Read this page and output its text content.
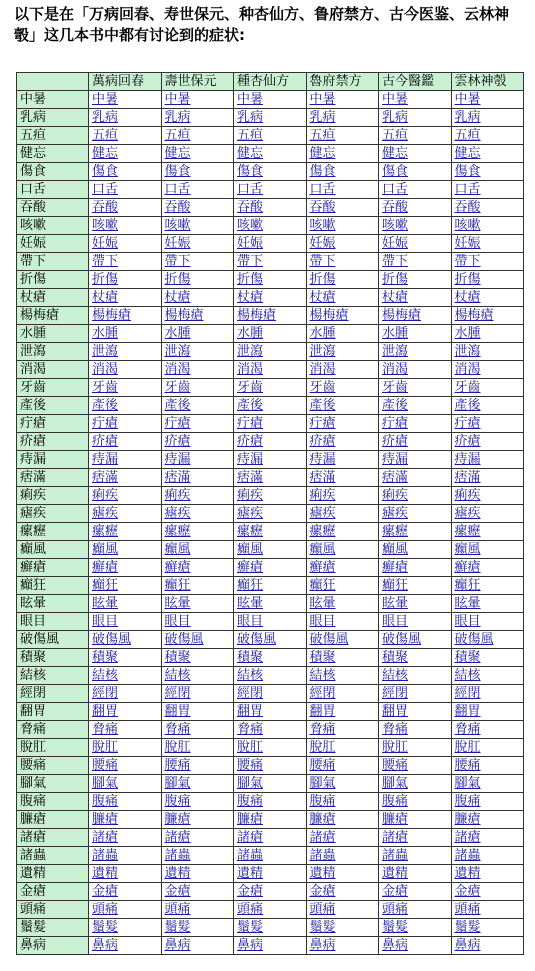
以下是在「万病回春、寿世保元、种杏仙方、鲁府禁方、古今医鉴、云林神彀」这几本书中都有讨论到的症状:
	萬病回春	壽世保元	種杏仙方	魯府禁方	古今醫鑑	雲林神彀
中暑	中暑	中暑	中暑	中暑	中暑	中暑
乳病	乳病	乳病	乳病	乳病	乳病	乳病
五疸	五疸	五疸	五疸	五疸	五疸	五疸
健忘	健忘	健忘	健忘	健忘	健忘	健忘
傷食	傷食	傷食	傷食	傷食	傷食	傷食
口舌	口舌	口舌	口舌	口舌	口舌	口舌
吞酸	吞酸	吞酸	吞酸	吞酸	吞酸	吞酸
咳嗽	咳嗽	咳嗽	咳嗽	咳嗽	咳嗽	咳嗽
妊娠	妊娠	妊娠	妊娠	妊娠	妊娠	妊娠
帶下	帶下	帶下	帶下	帶下	帶下	帶下
折傷	折傷	折傷	折傷	折傷	折傷	折傷
杖瘡	杖瘡	杖瘡	杖瘡	杖瘡	杖瘡	杖瘡
楊梅瘡	楊梅瘡	楊梅瘡	楊梅瘡	楊梅瘡	楊梅瘡	楊梅瘡
水腫	水腫	水腫	水腫	水腫	水腫	水腫
泄瀉	泄瀉	泄瀉	泄瀉	泄瀉	泄瀉	泄瀉
消渴	消渴	消渴	消渴	消渴	消渴	消渴
牙齒	牙齒	牙齒	牙齒	牙齒	牙齒	牙齒
產後	產後	產後	產後	產後	產後	產後
疔瘡	疔瘡	疔瘡	疔瘡	疔瘡	疔瘡	疔瘡
疥瘡	疥瘡	疥瘡	疥瘡	疥瘡	疥瘡	疥瘡
痔漏	痔漏	痔漏	痔漏	痔漏	痔漏	痔漏
痞滿	痞滿	痞滿	痞滿	痞滿	痞滿	痞滿
痢疾	痢疾	痢疾	痢疾	痢疾	痢疾	痢疾
瘧疾	瘧疾	瘧疾	瘧疾	瘧疾	瘧疾	瘧疾
瘰癧	瘰癧	瘰癧	瘰癧	瘰癧	瘰癧	瘰癧
癲風	癲風	癲風	癲風	癲風	癲風	癲風
癬瘡	癬瘡	癬瘡	癬瘡	癬瘡	癬瘡	癬瘡
癲狂	癲狂	癲狂	癲狂	癲狂	癲狂	癲狂
眩暈	眩暈	眩暈	眩暈	眩暈	眩暈	眩暈
眼目	眼目	眼目	眼目	眼目	眼目	眼目
破傷風	破傷風	破傷風	破傷風	破傷風	破傷風	破傷風
積聚	積聚	積聚	積聚	積聚	積聚	積聚
結核	結核	結核	結核	結核	結核	結核
經閉	經閉	經閉	經閉	經閉	經閉	經閉
翻胃	翻胃	翻胃	翻胃	翻胃	翻胃	翻胃
脅痛	脅痛	脅痛	脅痛	脅痛	脅痛	脅痛
脫肛	脫肛	脫肛	脫肛	脫肛	脫肛	脫肛
腰痛	腰痛	腰痛	腰痛	腰痛	腰痛	腰痛
腳氣	腳氣	腳氣	腳氣	腳氣	腳氣	腳氣
腹痛	腹痛	腹痛	腹痛	腹痛	腹痛	腹痛
臁瘡	臁瘡	臁瘡	臁瘡	臁瘡	臁瘡	臁瘡
諸瘡	諸瘡	諸瘡	諸瘡	諸瘡	諸瘡	諸瘡
諸蟲	諸蟲	諸蟲	諸蟲	諸蟲	諸蟲	諸蟲
遺精	遺精	遺精	遺精	遺精	遺精	遺精
金瘡	金瘡	金瘡	金瘡	金瘡	金瘡	金瘡
頭痛	頭痛	頭痛	頭痛	頭痛	頭痛	頭痛
鬚髮	鬚髮	鬚髮	鬚髮	鬚髮	鬚髮	鬚髮
鼻病	鼻病	鼻病	鼻病	鼻病	鼻病	鼻病
